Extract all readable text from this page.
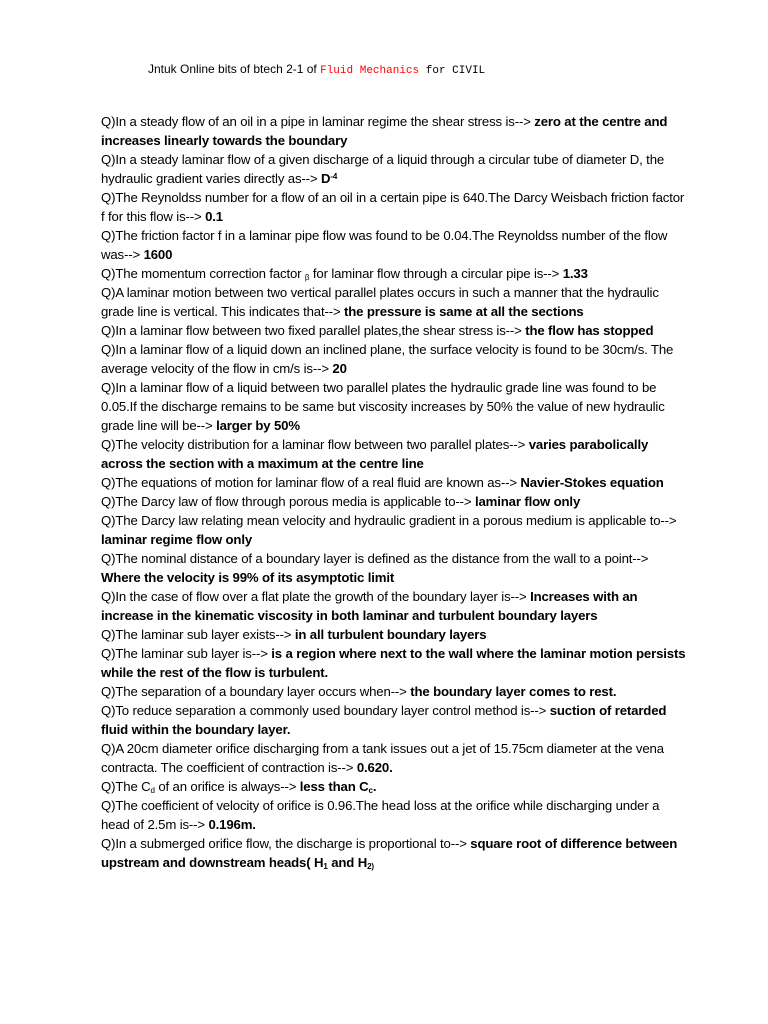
Jntuk Online bits of btech 2-1 of Fluid Mechanics for CIVIL

Q)In a steady flow of an oil in a pipe in laminar regime the shear stress is--> zero at the centre and increases linearly towards the boundary

Q)In a steady laminar flow of a given discharge of a liquid through a circular tube of diameter D, the hydraulic gradient varies directly $as--> D^{-4}$

Q)The Reynoldss number for a flow of an oil in a certain pipe is 640.The Darcy Weisbach friction factor f for this flow is--> 0.1

Q)The friction factor f in a laminar pipe flow was found to be 0.04.The Reynoldss number of the flow was--> 1600

Q)The momentum correction factor $_\beta$ for laminar flow through a circular pipe is--> 1.33

Q)A laminar motion between two vertical parallel plates occurs in such a manner that the hydraulic grade line is vertical. This indicates that--> the pressure is same at all the sections

Q)In a laminar flow between two fixed parallel plates,the shear stress is--> the flow has stopped

Q)In a laminar flow of a liquid down an inclined plane, the surface velocity is found to be 30cm/s. The average velocity of the flow in cm/s is--> 20

Q)In a laminar flow of a liquid between two parallel plates the hydraulic grade line was found to be 0.05.If the discharge remains to be same but viscosity increases by 50% the value of new hydraulic grade line will be--> larger by 50%

Q)The velocity distribution for a laminar flow between two parallel plates--> varies parabolically across the section with a maximum at the centre line

Q)The equations of motion for laminar flow of a real fluid are known as--> Navier-Stokes equation

Q)The Darcy law of flow through porous media is applicable to--> laminar flow only

Q)The Darcy law relating mean velocity and hydraulic gradient in a porous medium is applicable to--> laminar regime flow only

Q)The nominal distance of a boundary layer is defined as the distance from the wall to a point--> Where the velocity is 99% of its asymptotic limit

Q)In the case of flow over a flat plate the growth of the boundary layer is--> Increases with an increase in the kinematic viscosity in both laminar and turbulent boundary layers

Q)The laminar sub layer exists--> in all turbulent boundary layers

Q)The laminar sub layer is--> is a region where next to the wall where the laminar motion persists while the rest of the flow is turbulent.

Q)The separation of a boundary layer occurs when--> the boundary layer comes to rest.

Q)To reduce separation a commonly used boundary layer control method is--> suction of retarded fluid within the boundary layer.

Q)A 20cm diameter orifice discharging from a tank issues out a jet of 15.75cm diameter at the vena contracta. The coefficient of contraction is--> 0.620.

Q)The $C_d$ of an orifice is always--> less than $C_c$.

Q)The coefficient of velocity of orifice is 0.96.The head loss at the orifice while discharging under a head of 2.5m is--> 0.196m.

Q)In a submerged orifice flow, the discharge is proportional to--> square root of difference between upstream and downstream heads( $H_1$ and $H_{2)}$
